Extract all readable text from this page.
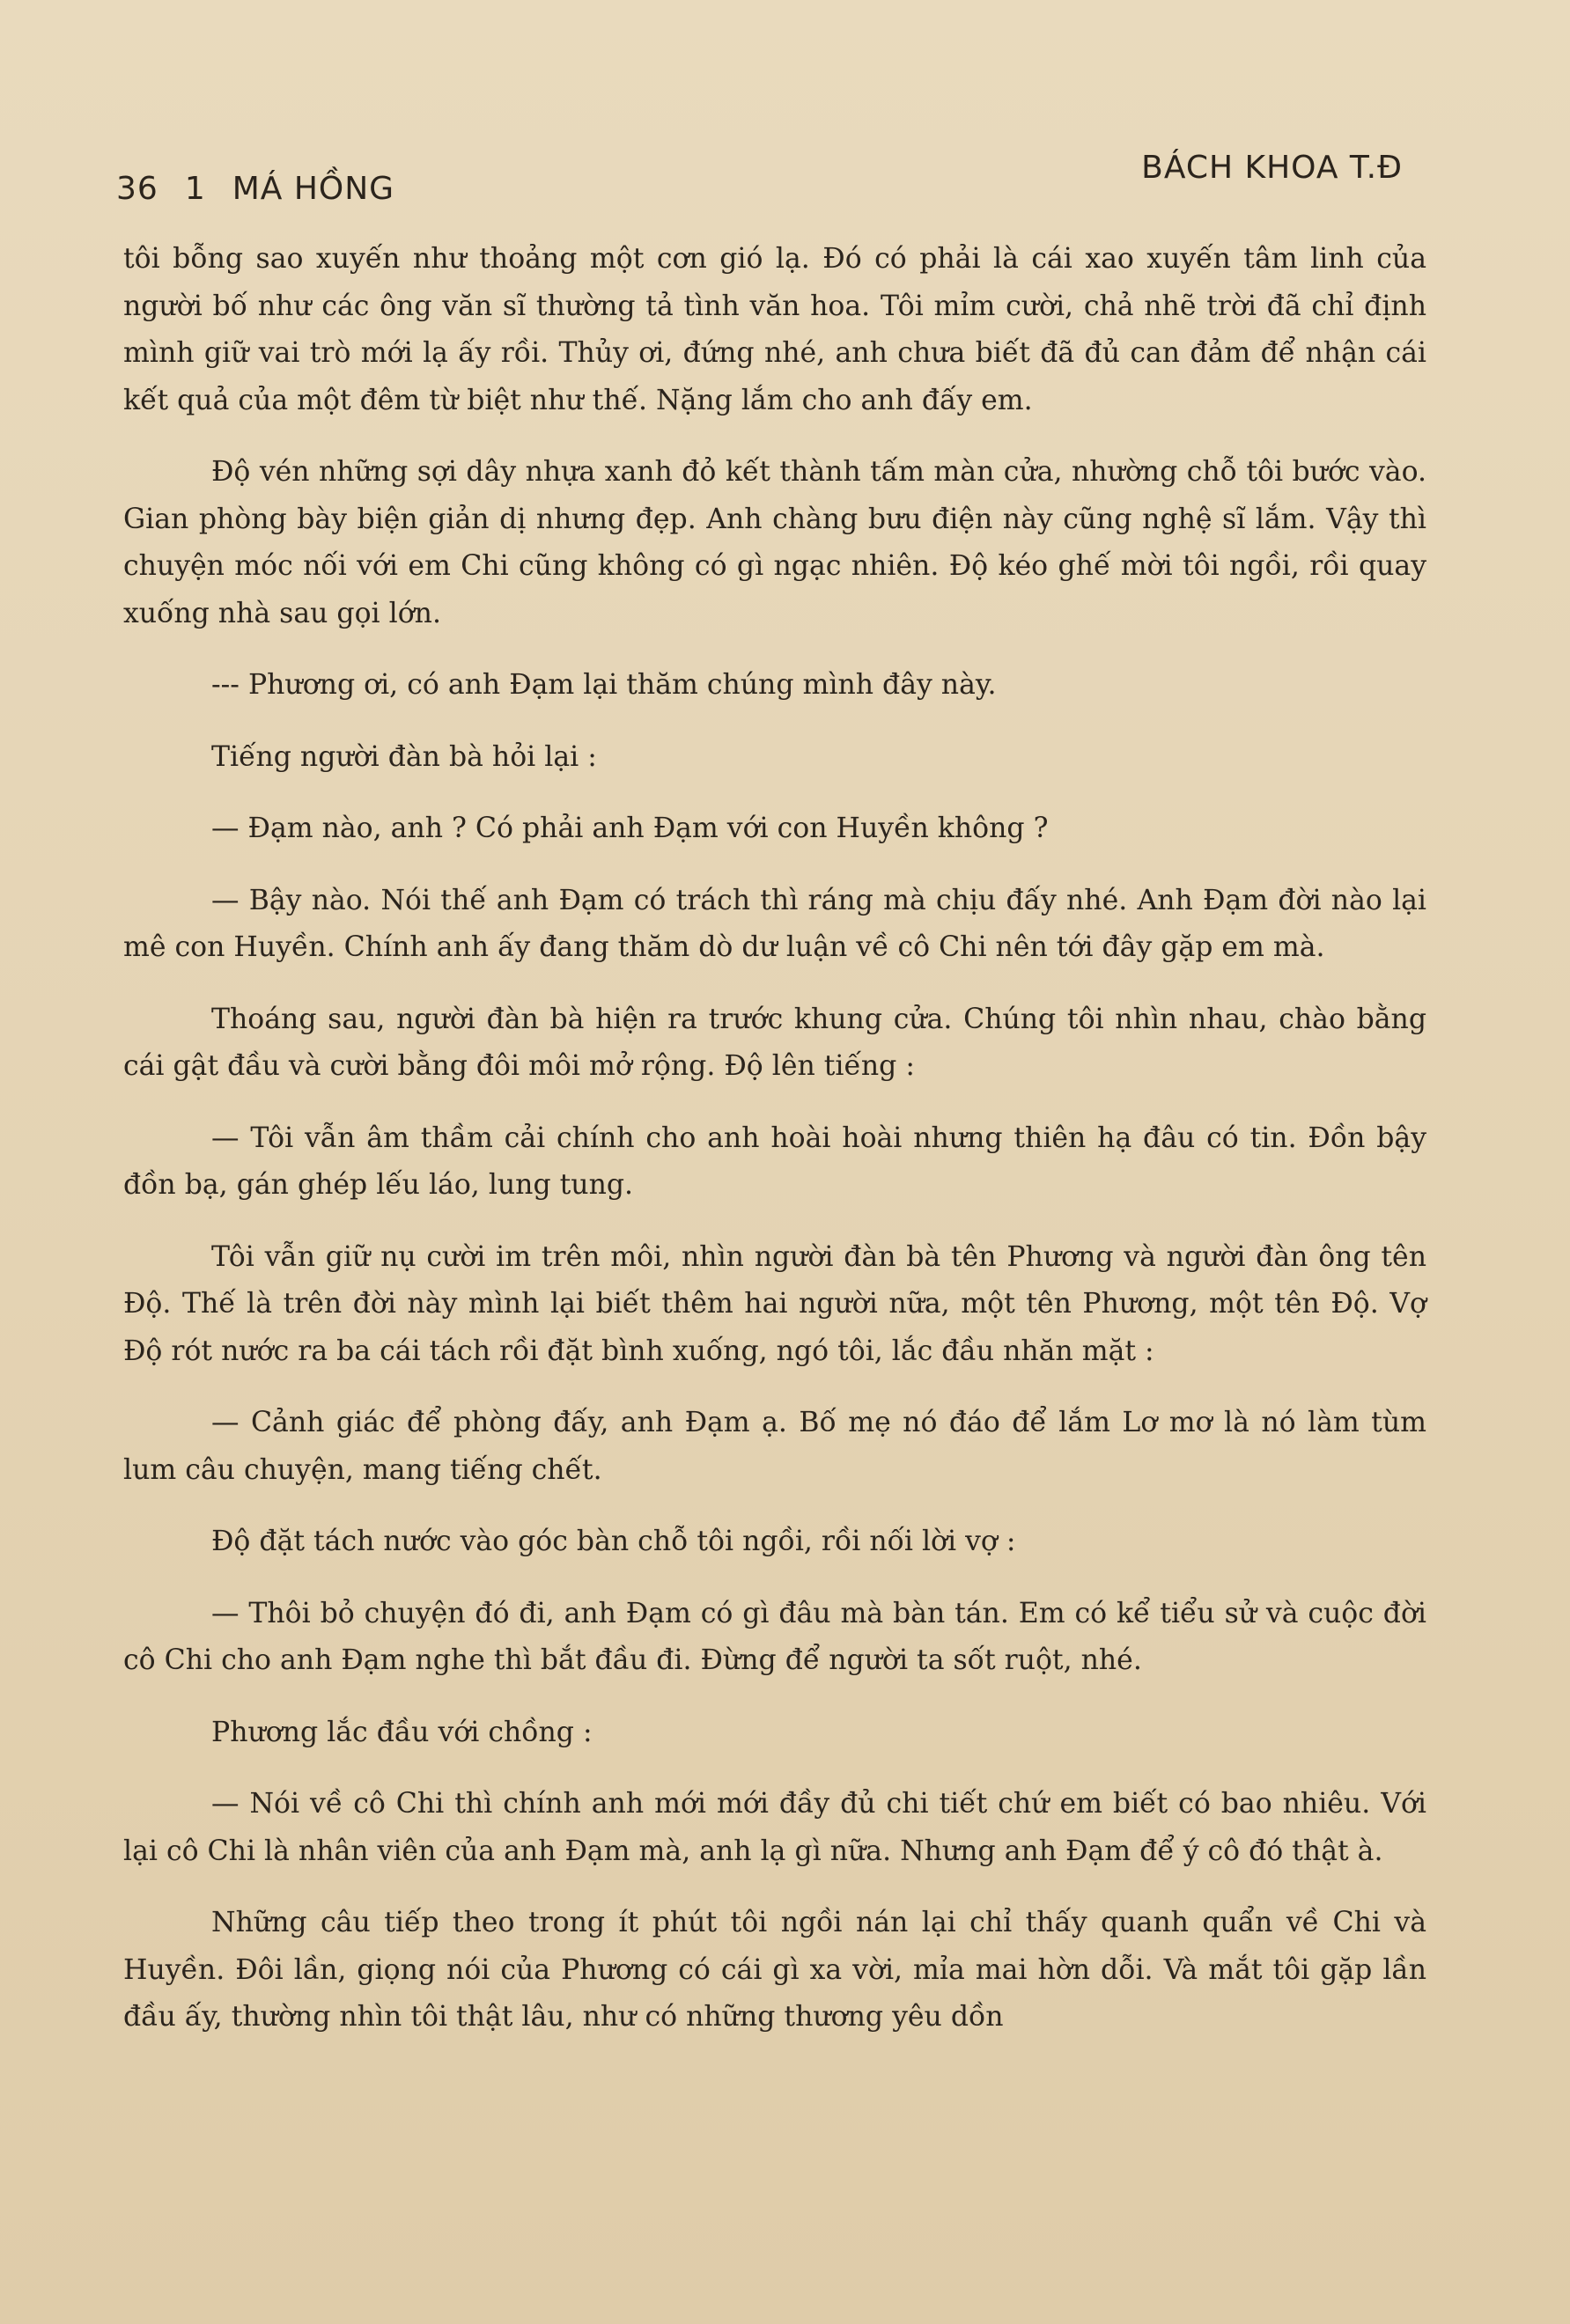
36 1 MÁ HỒNG
BÁCH KHOA T.Đ

tôi bỗng sao xuyến như thoảng một cơn gió lạ. Đó có phải là cái xao xuyến tâm linh của người bố như các ông văn sĩ thường tả tình văn hoa. Tôi mỉm cười, chả nhẽ trời đã chỉ định mình giữ vai trò mới lạ ấy rồi. Thủy ơi, đứng nhé, anh chưa biết đã đủ can đảm để nhận cái kết quả của một đêm từ biệt như thế. Nặng lắm cho anh đấy em.

Độ vén những sợi dây nhựa xanh đỏ kết thành tấm màn cửa, nhường chỗ tôi bước vào. Gian phòng bày biện giản dị nhưng đẹp. Anh chàng bưu điện này cũng nghệ sĩ lắm. Vậy thì chuyện móc nối với em Chi cũng không có gì ngạc nhiên. Độ kéo ghế mời tôi ngồi, rồi quay xuống nhà sau gọi lớn.

--- Phương ơi, có anh Đạm lại thăm chúng mình đây này.

Tiếng người đàn bà hỏi lại :

— Đạm nào, anh ? Có phải anh Đạm với con Huyền không ?

— Bậy nào. Nói thế anh Đạm có trách thì ráng mà chịu đấy nhé. Anh Đạm đời nào lại mê con Huyền. Chính anh ấy đang thăm dò dư luận về cô Chi nên tới đây gặp em mà.

Thoáng sau, người đàn bà hiện ra trước khung cửa. Chúng tôi nhìn nhau, chào bằng cái gật đầu và cười bằng đôi môi mở rộng. Độ lên tiếng :

— Tôi vẫn âm thầm cải chính cho anh hoài hoài nhưng thiên hạ đâu có tin. Đồn bậy đồn bạ, gán ghép lếu láo, lung tung.

Tôi vẫn giữ nụ cười im trên môi, nhìn người đàn bà tên Phương và người đàn ông tên Độ. Thế là trên đời này mình lại biết thêm hai người nữa, một tên Phương, một tên Độ. Vợ Độ rót nước ra ba cái tách rồi đặt bình xuống, ngó tôi, lắc đầu nhăn mặt :

— Cảnh giác để phòng đấy, anh Đạm ạ. Bố mẹ nó đáo để lắm Lơ mơ là nó làm tùm lum câu chuyện, mang tiếng chết.

Độ đặt tách nước vào góc bàn chỗ tôi ngồi, rồi nối lời vợ :

— Thôi bỏ chuyện đó đi, anh Đạm có gì đâu mà bàn tán. Em có kể tiểu sử và cuộc đời cô Chi cho anh Đạm nghe thì bắt đầu đi. Đừng để người ta sốt ruột, nhé.

Phương lắc đầu với chồng :

— Nói về cô Chi thì chính anh mới mới đầy đủ chi tiết chứ em biết có bao nhiêu. Với lại cô Chi là nhân viên của anh Đạm mà, anh lạ gì nữa. Nhưng anh Đạm để ý cô đó thật à.

Những câu tiếp theo trong ít phút tôi ngồi nán lại chỉ thấy quanh quẩn về Chi và Huyền. Đôi lần, giọng nói của Phương có cái gì xa vời, mỉa mai hờn dỗi. Và mắt tôi gặp lần đầu ấy, thường nhìn tôi thật lâu, như có những thương yêu dồn
